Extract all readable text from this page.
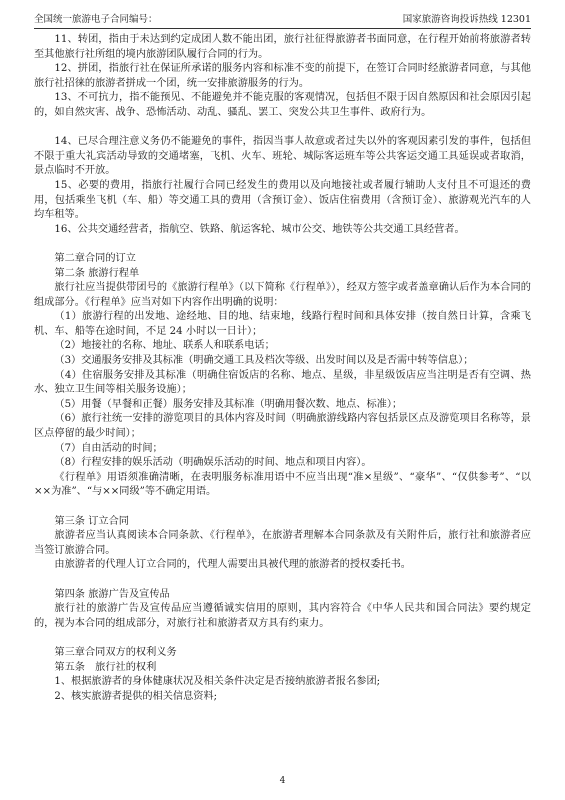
全国统一旅游电子合同编号：	国家旅游咨询投诉热线 12301

11、转团，指由于未达到约定成团人数不能出团，旅行社征得旅游者书面同意，在行程开始前将旅游者转至其他旅行社所组的境内旅游团队履行合同的行为。

12、拼团，指旅行社在保证所承诺的服务内容和标准不变的前提下，在签订合同时经旅游者同意，与其他旅行社招徕的旅游者拼成一个团，统一安排旅游服务的行为。

13、不可抗力，指不能预见、不能避免并不能克服的客观情况，包括但不限于因自然原因和社会原因引起的，如自然灾害、战争、恐怖活动、动乱、骚乱、罢工、突发公共卫生事件、政府行为。

14、已尽合理注意义务仍不能避免的事件，指因当事人故意或者过失以外的客观因素引发的事件，包括但不限于重大礼宾活动导致的交通堵塞，飞机、火车、班轮、城际客运班车等公共客运交通工具延误或者取消，景点临时不开放。

15、必要的费用，指旅行社履行合同已经发生的费用以及向地接社或者履行辅助人支付且不可退还的费用，包括乘坐飞机（车、船）等交通工具的费用（含预订金）、饭店住宿费用（含预订金）、旅游观光汽车的人均车租等。

16、公共交通经营者，指航空、铁路、航运客轮、城市公交、地铁等公共交通工具经营者。

第二章合同的订立

第二条 旅游行程单

旅行社应当提供带团号的《旅游行程单》（以下简称《行程单》），经双方签字或者盖章确认后作为本合同的组成部分。《行程单》应当对如下内容作出明确的说明：

（1）旅游行程的出发地、途经地、目的地、结束地，线路行程时间和具体安排（按自然日计算，含乘飞机、车、船等在途时间，不足 24 小时以一日计）；

（2）地接社的名称、地址、联系人和联系电话；

（3）交通服务安排及其标准（明确交通工具及档次等级、出发时间以及是否需中转等信息）；

（4）住宿服务安排及其标准（明确住宿饭店的名称、地点、星级，非星级饭店应当注明是否有空调、热水、独立卫生间等相关服务设施）；

（5）用餐（早餐和正餐）服务安排及其标准（明确用餐次数、地点、标准）；

（6）旅行社统一安排的游览项目的具体内容及时间（明确旅游线路内容包括景区点及游览项目名称等，景区点停留的最少时间）；

（7）自由活动的时间；

（8）行程安排的娱乐活动（明确娱乐活动的时间、地点和项目内容）。

《行程单》用语须准确清晰，在表明服务标准用语中不应当出现“准×星级”、“豪华”、“仅供参考”、“以××为准”、“与××同级”等不确定用语。

第三条 订立合同

旅游者应当认真阅读本合同条款、《行程单》，在旅游者理解本合同条款及有关附件后，旅行社和旅游者应当签订旅游合同。

由旅游者的代理人订立合同的，代理人需要出具被代理的旅游者的授权委托书。

第四条 旅游广告及宣传品

旅行社的旅游广告及宣传品应当遵循诚实信用的原则，其内容符合《中华人民共和国合同法》要约规定的，视为本合同的组成部分，对旅行社和旅游者双方具有约束力。

第三章合同双方的权利义务

第五条　旅行社的权利

1、根据旅游者的身体健康状况及相关条件决定是否接纳旅游者报名参团;

2、核实旅游者提供的相关信息资料;

4
